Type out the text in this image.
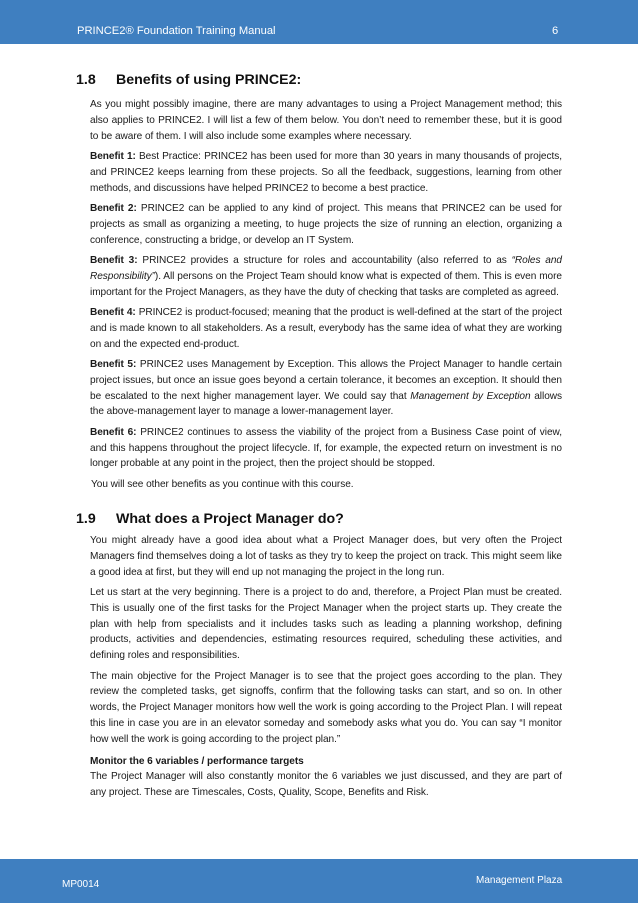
PRINCE2® Foundation Training Manual	6
1.8	Benefits of using PRINCE2:

As you might possibly imagine, there are many advantages to using a Project Management method; this also applies to PRINCE2. I will list a few of them below. You don’t need to remember these, but it is good to be aware of them. I will also include some examples where necessary.

Benefit 1: Best Practice: PRINCE2 has been used for more than 30 years in many thousands of projects, and PRINCE2 keeps learning from these projects. So all the feedback, suggestions, learning from other methods, and discussions have helped PRINCE2 to become a best practice.

Benefit 2: PRINCE2 can be applied to any kind of project. This means that PRINCE2 can be used for projects as small as organizing a meeting, to huge projects the size of running an election, organizing a conference, constructing a bridge, or develop an IT System.

Benefit 3: PRINCE2 provides a structure for roles and accountability (also referred to as “Roles and Responsibility”). All persons on the Project Team should know what is expected of them. This is even more important for the Project Managers, as they have the duty of checking that tasks are completed as agreed.

Benefit 4: PRINCE2 is product-focused; meaning that the product is well-defined at the start of the project and is made known to all stakeholders. As a result, everybody has the same idea of what they are working on and the expected end-product.

Benefit 5: PRINCE2 uses Management by Exception. This allows the Project Manager to handle certain project issues, but once an issue goes beyond a certain tolerance, it becomes an exception. It should then be escalated to the next higher management layer. We could say that Management by Exception allows the above-management layer to manage a lower-management layer.

Benefit 6: PRINCE2 continues to assess the viability of the project from a Business Case point of view, and this happens throughout the project lifecycle. If, for example, the expected return on investment is no longer probable at any point in the project, then the project should be stopped.

You will see other benefits as you continue with this course.

1.9	What does a Project Manager do?

You might already have a good idea about what a Project Manager does, but very often the Project Managers find themselves doing a lot of tasks as they try to keep the project on track. This might seem like a good idea at first, but they will end up not managing the project in the long run.

Let us start at the very beginning. There is a project to do and, therefore, a Project Plan must be created. This is usually one of the first tasks for the Project Manager when the project starts up. They create the plan with help from specialists and it includes tasks such as leading a planning workshop, defining products, activities and dependencies, estimating resources required, scheduling these activities, and defining roles and responsibilities.

The main objective for the Project Manager is to see that the project goes according to the plan. They review the completed tasks, get signoffs, confirm that the following tasks can start, and so on. In other words, the Project Manager monitors how well the work is going according to the Project Plan. I will repeat this line in case you are in an elevator someday and somebody asks what you do. You can say “I monitor how well the work is going according to the project plan.”

Monitor the 6 variables / performance targets

The Project Manager will also constantly monitor the 6 variables we just discussed, and they are part of any project. These are Timescales, Costs, Quality, Scope, Benefits and Risk.

MP0014	Management Plaza
